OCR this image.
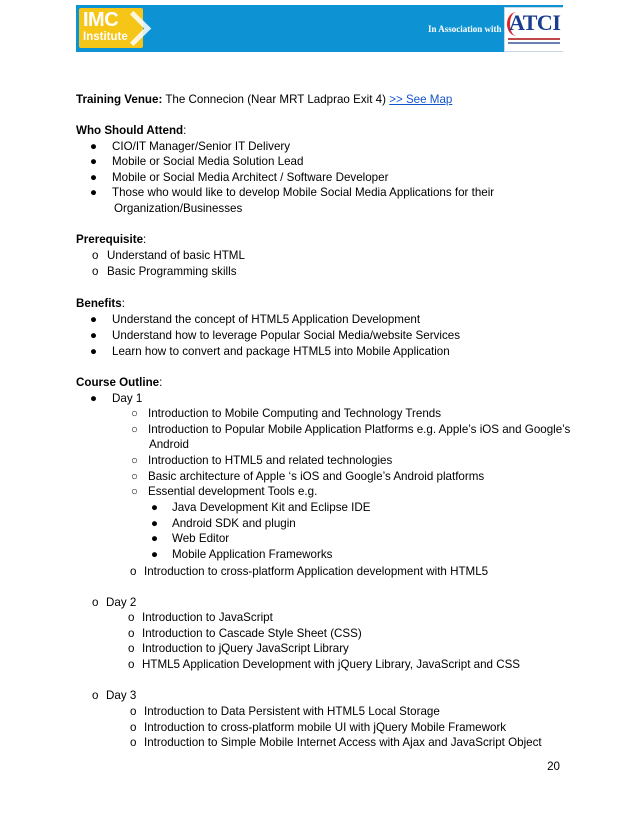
IMC
Institute
In Association with ATCI
Training Venue: The Connecion (Near MRT Ladprao Exit 4) >> See Map
Who Should Attend:
● CIO/IT Manager/Senior IT Delivery
● Mobile or Social Media Solution Lead
● Mobile or Social Media Architect / Software Developer
● Those who would like to develop Mobile Social Media Applications for their
Organization/Businesses
Prerequisite:
o Understand of basic HTML
o Basic Programming skills
Benefits:
● Understand the concept of HTML5 Application Development
● Understand how to leverage Popular Social Media/website Services
● Learn how to convert and package HTML5 into Mobile Application
Course Outline:
● Day 1
○ Introduction to Mobile Computing and Technology Trends
○ Introduction to Popular Mobile Application Platforms e.g. Apple’s iOS and Google’s
Android
○ Introduction to HTML5 and related technologies
○ Basic architecture of Apple ‘s iOS and Google’s Android platforms
○ Essential development Tools e.g.
● Java Development Kit and Eclipse IDE
● Android SDK and plugin
● Web Editor
● Mobile Application Frameworks
o Introduction to cross-platform Application development with HTML5
o Day 2
o Introduction to JavaScript
o Introduction to Cascade Style Sheet (CSS)
o Introduction to jQuery JavaScript Library
o HTML5 Application Development with jQuery Library, JavaScript and CSS
o Day 3
o Introduction to Data Persistent with HTML5 Local Storage
o Introduction to cross-platform mobile UI with jQuery Mobile Framework
o Introduction to Simple Mobile Internet Access with Ajax and JavaScript Object
20
